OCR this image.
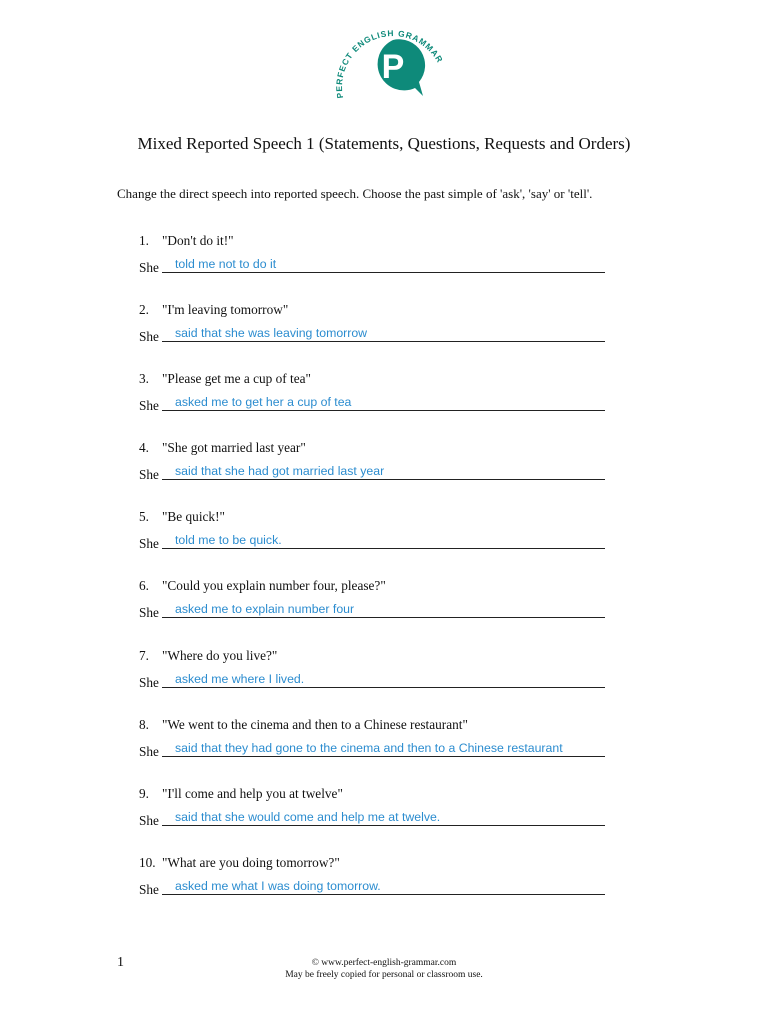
PERFECT ENGLISH GRAMMAR
P
Mixed Reported Speech 1 (Statements, Questions, Requests and Orders)
Change the direct speech into reported speech. Choose the past simple of 'ask', 'say' or 'tell'.
1. "Don't do it!"
She told me not to do it
2. "I'm leaving tomorrow"
She said that she was leaving tomorrow
3. "Please get me a cup of tea"
She asked me to get her a cup of tea
4. "She got married last year"
She said that she had got married last year
5. "Be quick!"
She told me to be quick.
6. "Could you explain number four, please?"
She asked me to explain number four
7. "Where do you live?"
She asked me where I lived.
8. "We went to the cinema and then to a Chinese restaurant"
She said that they had gone to the cinema and then to a Chinese restaurant
9. "I'll come and help you at twelve"
She said that she would come and help me at twelve.
10. "What are you doing tomorrow?"
She asked me what I was doing tomorrow.
1	© www.perfect-english-grammar.com
May be freely copied for personal or classroom use.
